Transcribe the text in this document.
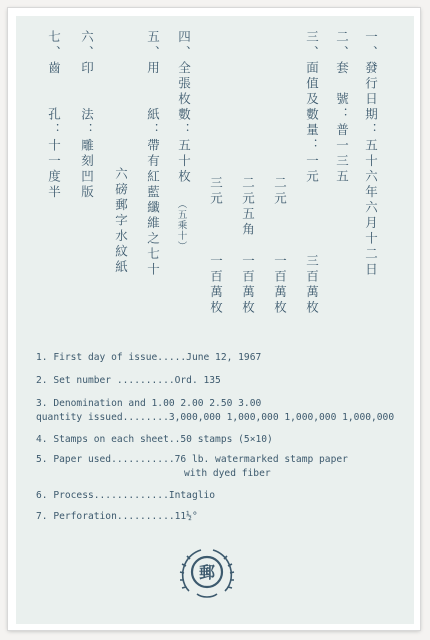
一、發行日期：五十六年六月十二日
二、套　號：普一三五
三、面值及數量：一元
三百萬枚
二元
一百萬枚
二元五角
一百萬枚
三元
一百萬枚
四、全張枚數：五十枚
（五乘十）
五、用　　紙：帶有紅藍纖維之七十
六磅郵字水紋紙
六、印　　法：雕刻凹版
七、齒　　孔：十一度半
1. First day of issue.....June 12, 1967
2. Set number ..........Ord. 135
3. Denomination and 1.00 2.00 2.50 3.00
quantity issued........3,000,000 1,000,000 1,000,000 1,000,000
4. Stamps on each sheet..50 stamps (5×10)
5. Paper used...........76 lb. watermarked stamp paper
with dyed fiber
6. Process.............Intaglio
7. Perforation..........11½°
郵
